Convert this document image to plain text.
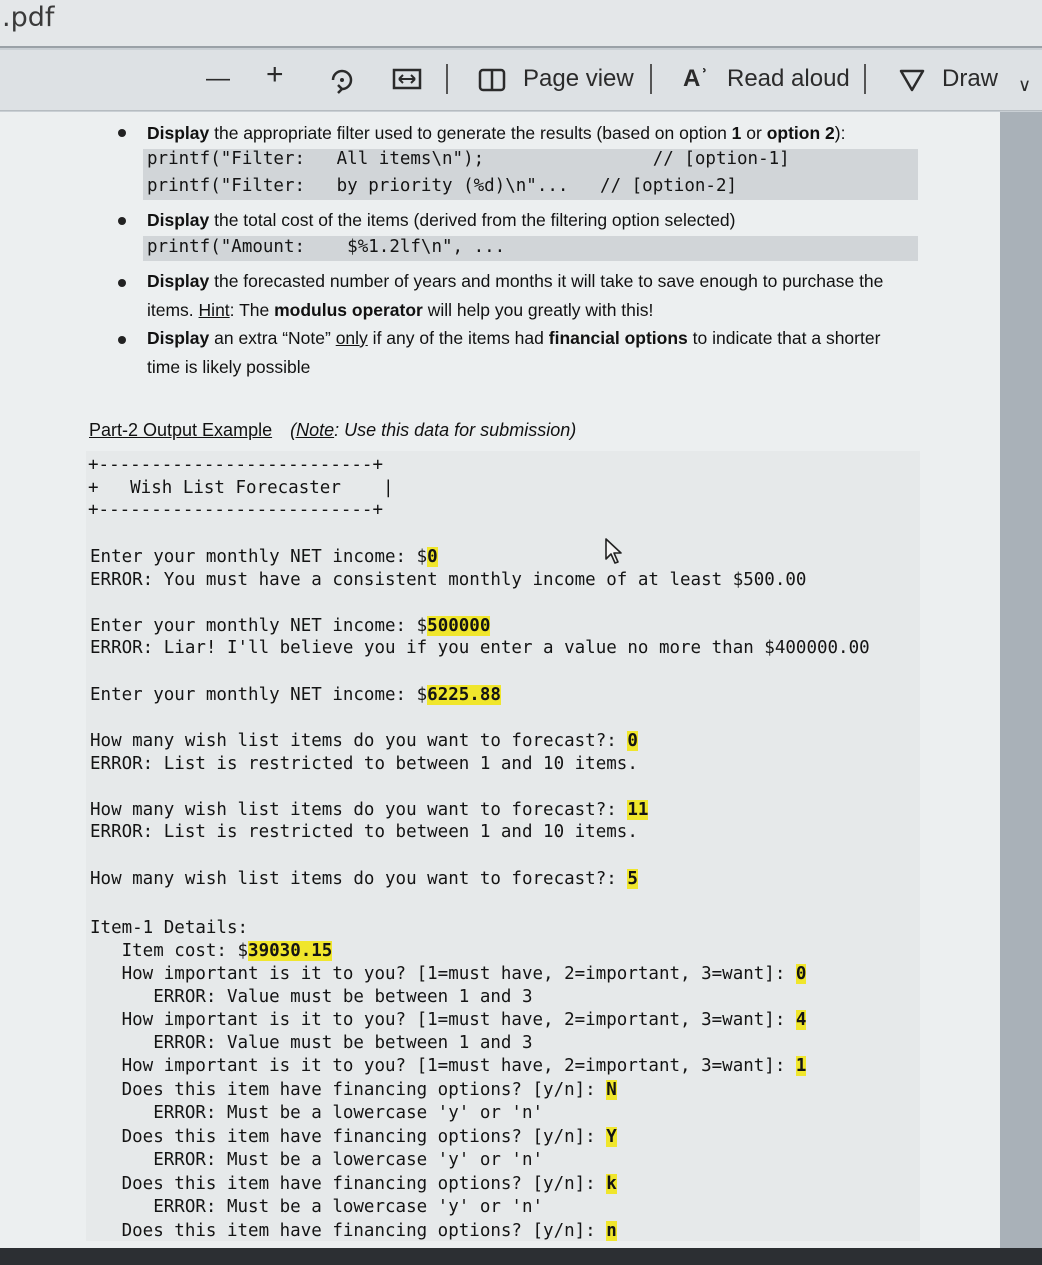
.pdf
— +	Page view Aʾ Read aloud	Draw ∨
Display the appropriate filter used to generate the results (based on option 1 or option 2):
printf("Filter:   All items\n");                // [option-1]
printf("Filter:   by priority (%d)\n"...   // [option-2]
Display the total cost of the items (derived from the filtering option selected)
printf("Amount:    $%1.2lf\n", ...
Display the forecasted number of years and months it will take to save enough to purchase the
items. Hint: The modulus operator will help you greatly with this!
Display an extra “Note” only if any of the items had financial options to indicate that a shorter
time is likely possible
Part-2 Output Example (Note: Use this data for submission)
+--------------------------+
+   Wish List Forecaster    |
+--------------------------+
Enter your monthly NET income: $0
ERROR: You must have a consistent monthly income of at least $500.00
Enter your monthly NET income: $500000
ERROR: Liar! I'll believe you if you enter a value no more than $400000.00
Enter your monthly NET income: $6225.88
How many wish list items do you want to forecast?: 0
ERROR: List is restricted to between 1 and 10 items.
How many wish list items do you want to forecast?: 11
ERROR: List is restricted to between 1 and 10 items.
How many wish list items do you want to forecast?: 5
Item-1 Details:
Item cost: $39030.15
How important is it to you? [1=must have, 2=important, 3=want]: 0
ERROR: Value must be between 1 and 3
How important is it to you? [1=must have, 2=important, 3=want]: 4
ERROR: Value must be between 1 and 3
How important is it to you? [1=must have, 2=important, 3=want]: 1
Does this item have financing options? [y/n]: N
ERROR: Must be a lowercase 'y' or 'n'
Does this item have financing options? [y/n]: Y
ERROR: Must be a lowercase 'y' or 'n'
Does this item have financing options? [y/n]: k
ERROR: Must be a lowercase 'y' or 'n'
Does this item have financing options? [y/n]: n
